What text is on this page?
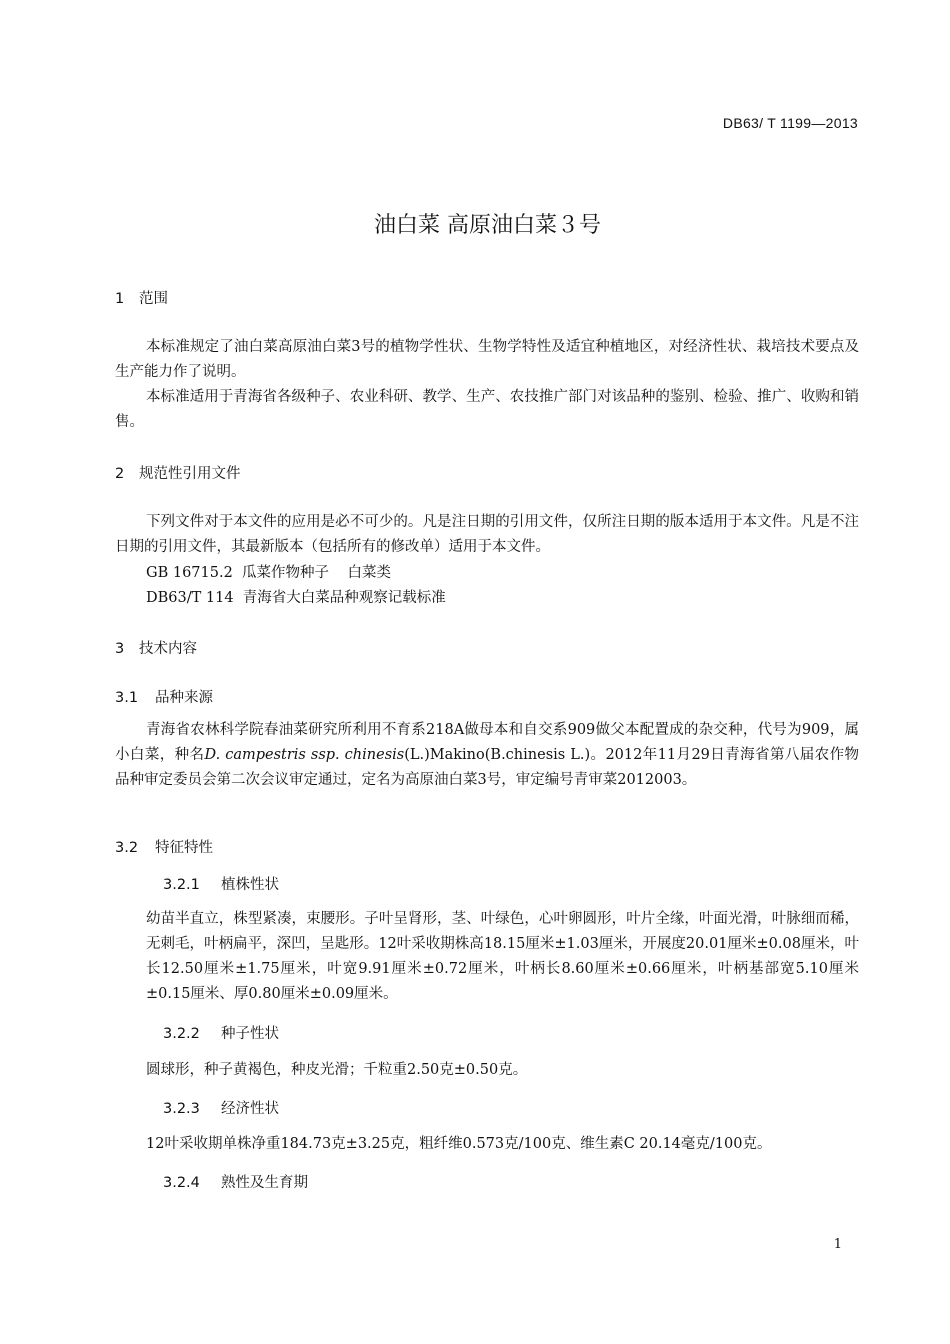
DB63/ T 1199—2013
油白菜 高原油白菜３号
1 范围
本标准规定了油白菜高原油白菜3号的植物学性状、生物学特性及适宜种植地区，对经济性状、栽培技术要点及生产能力作了说明。
本标准适用于青海省各级种子、农业科研、教学、生产、农技推广部门对该品种的鉴别、检验、推广、收购和销售。
2 规范性引用文件
下列文件对于本文件的应用是必不可少的。凡是注日期的引用文件，仅所注日期的版本适用于本文件。凡是不注日期的引用文件，其最新版本（包括所有的修改单）适用于本文件。
GB 16715.2  瓜菜作物种子    白菜类
DB63/T 114  青海省大白菜品种观察记载标准
3 技术内容
3.1 品种来源
青海省农林科学院春油菜研究所利用不育系218A做母本和自交系909做父本配置成的杂交种，代号为909，属小白菜，种名D. campestris ssp. chinesis(L.)Makino(B.chinesis L.)。2012年11月29日青海省第八届农作物品种审定委员会第二次会议审定通过，定名为高原油白菜3号，审定编号青审菜2012003。
3.2 特征特性
3.2.1 植株性状
幼苗半直立，株型紧凑，束腰形。子叶呈肾形，茎、叶绿色，心叶卵圆形，叶片全缘，叶面光滑，叶脉细而稀，无刺毛，叶柄扁平，深凹，呈匙形。12叶采收期株高18.15厘米±1.03厘米，开展度20.01厘米±0.08厘米，叶长12.50厘米±1.75厘米，叶宽9.91厘米±0.72厘米，叶柄长8.60厘米±0.66厘米，叶柄基部宽5.10厘米±0.15厘米、厚0.80厘米±0.09厘米。
3.2.2 种子性状
圆球形，种子黄褐色，种皮光滑；千粒重2.50克±0.50克。
3.2.3 经济性状
12叶采收期单株净重184.73克±3.25克，粗纤维0.573克/100克、维生素C 20.14毫克/100克。
3.2.4 熟性及生育期
1
